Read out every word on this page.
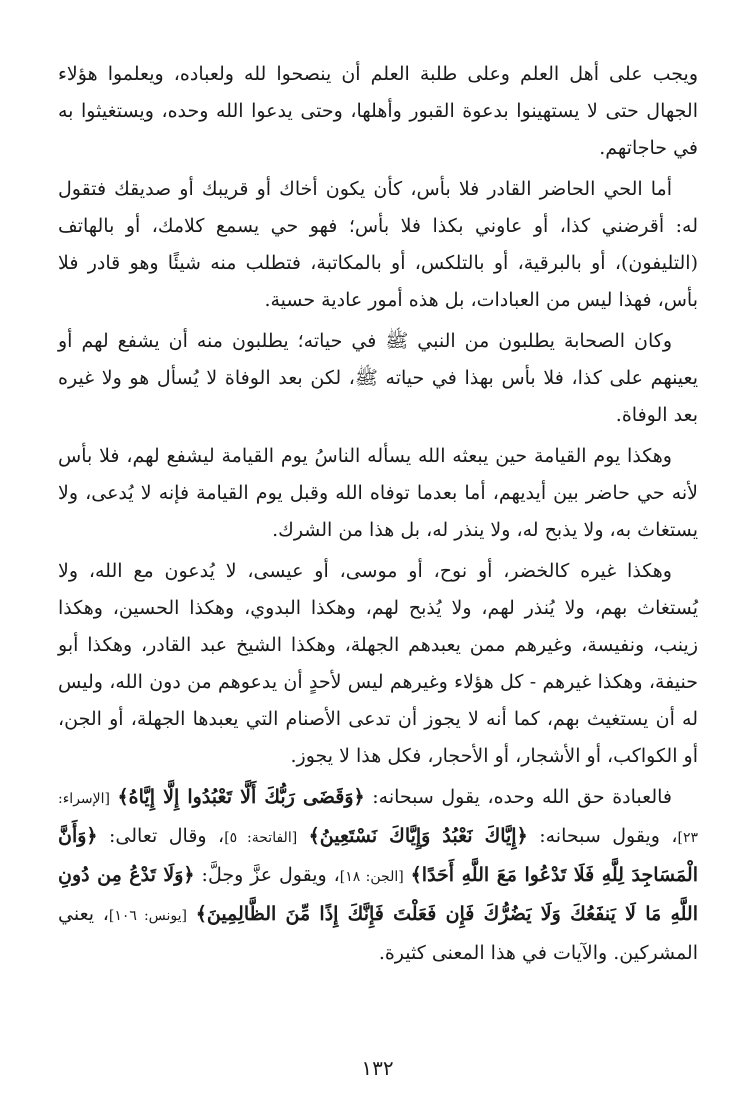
ويجب على أهل العلم وعلى طلبة العلم أن ينصحوا لله ولعباده، ويعلموا هؤلاء الجهال حتى لا يستهينوا بدعوة القبور وأهلها، وحتى يدعوا الله وحده، ويستغيثوا به في حاجاتهم.

أما الحي الحاضر القادر فلا بأس، كأن يكون أخاك أو قريبك أو صديقك فتقول له: أقرضني كذا، أو عاوني بكذا فلا بأس؛ فهو حي يسمع كلامك، أو بالهاتف (التليفون)، أو بالبرقية، أو بالتلكس، أو بالمكاتبة، فتطلب منه شيئًا وهو قادر فلا بأس، فهذا ليس من العبادات، بل هذه أمور عادية حسية.

وكان الصحابة يطلبون من النبي ﷺ في حياته؛ يطلبون منه أن يشفع لهم أو يعينهم على كذا، فلا بأس بهذا في حياته ﷺ، لكن بعد الوفاة لا يُسأل هو ولا غيره بعد الوفاة.

وهكذا يوم القيامة حين يبعثه الله يسأله الناسُ يوم القيامة ليشفع لهم، فلا بأس لأنه حي حاضر بين أيديهم، أما بعدما توفاه الله وقبل يوم القيامة فإنه لا يُدعى، ولا يستغاث به، ولا يذبح له، ولا ينذر له، بل هذا من الشرك.

وهكذا غيره كالخضر، أو نوح، أو موسى، أو عيسى، لا يُدعون مع الله، ولا يُستغاث بهم، ولا يُنذر لهم، ولا يُذبح لهم، وهكذا البدوي، وهكذا الحسين، وهكذا زينب، ونفيسة، وغيرهم ممن يعبدهم الجهلة، وهكذا الشيخ عبد القادر، وهكذا أبو حنيفة، وهكذا غيرهم - كل هؤلاء وغيرهم ليس لأحدٍ أن يدعوهم من دون الله، وليس له أن يستغيث بهم، كما أنه لا يجوز أن تدعى الأصنام التي يعبدها الجهلة، أو الجن، أو الكواكب، أو الأشجار، أو الأحجار، فكل هذا لا يجوز.

فالعبادة حق الله وحده، يقول سبحانه: ﴿وَقَضَى رَبُّكَ أَلَّا تَعْبُدُوا إِلَّا إِيَّاهُ﴾ [الإسراء: ٢٣]، ويقول سبحانه: ﴿إِيَّاكَ نَعْبُدُ وَإِيَّاكَ نَسْتَعِينُ﴾ [الفاتحة: ٥]، وقال تعالى: ﴿وَأَنَّ الْمَسَاجِدَ لِلَّهِ فَلَا تَدْعُوا مَعَ اللَّهِ أَحَدًا﴾ [الجن: ١٨]، ويقول عزَّ وجلَّ: ﴿وَلَا تَدْعُ مِن دُونِ اللَّهِ مَا لَا يَنفَعُكَ وَلَا يَضُرُّكَ فَإِن فَعَلْتَ فَإِنَّكَ إِذًا مِّنَ الظَّالِمِينَ﴾ [يونس: ١٠٦]، يعني المشركين. والآيات في هذا المعنى كثيرة.

١٣٢
